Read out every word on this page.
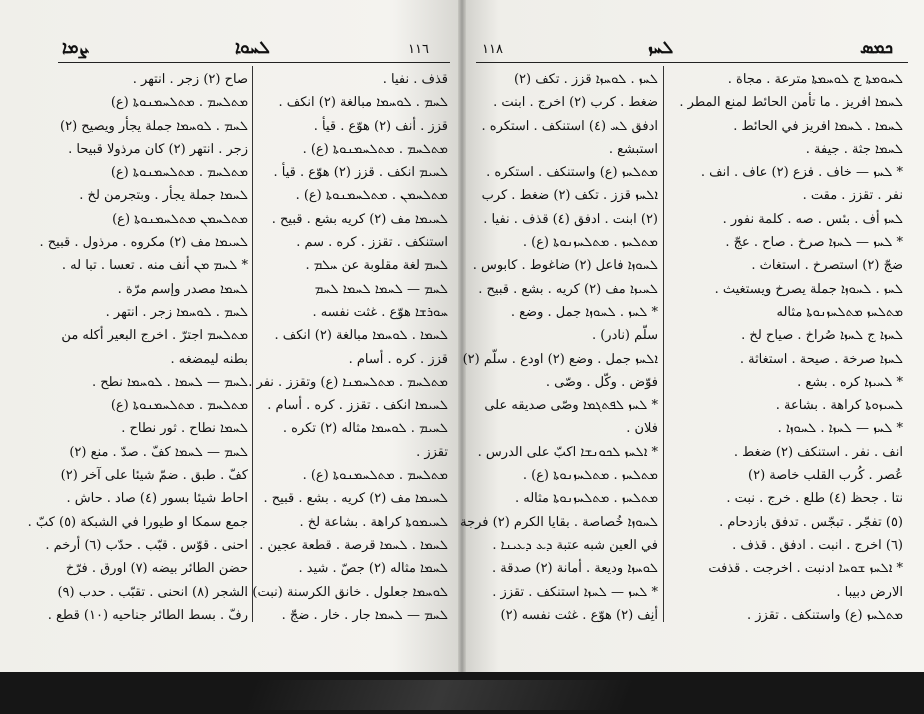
ܨܡܐ	ܠܚܘܐ	١١٦	١١٨	ܠܚܙ	ܟܡܣ
قذف . نفيا .
ܠܚܡ . ܠܘܚܡܐ مبالغة (٢) انكف .
قزز . أنف (٢) هوّع . قيأ .
ܡܬܠܚܡ . ܡܬܠܚܡܢܘܬܐ (ع) .
ܠܚܝܡ انكف . قزز (٢) هوّع . قيأ .
ܡܬܠܚܡܢ . ܡܬܠܚܡܢܘܬܐ (ع) .
ܠܚܝܡܐ مف (٢) كريه بشع . قبيح .
استنكف . تقزز . كره . سم .
ܠܚܡ لغة مقلوبة عن ܚܠܡ .
ܠܚܡ — ܠܚܡܐ ܠܚܡܐ ܠܚܡ
ܚܘܪܫܐ هوّع . غثت نفسه .
ܠܚܡܐ . ܠܘܚܡܐ مبالغة (٢) انكف .
قزز . كره . أسام .
ܡܬܠܚܡ . ܡܬܠܚܡܢܐ (ع) وتقزز . نفر .
ܠܚܝܡܐ انكف . تقزز . كره . أسام .
ܠܚܝܡ . ܠܘܚܡܐ مثاله (٢) تكره .
تقزز .
ܡܬܠܚܡ . ܡܬܠܚܡܢܘܬܐ (ع) .
ܠܚܝܡܐ مف (٢) كريه . بشع . قبيح .
ܠܚܝܡܘܬܐ كراهة . بشاعة لخ .
ܠܚܡܐ . ܠܚܡܐ قرصة . قطعة عجين .
ܠܚܡܐ مثاله (٢) جصّ . شيد .
ܠܘܚܡܐ جعلول . خانق الكرسنة (نبت) .
ܠܚܡ — ܠܚܡܐ جار . خار . ضجّ .
صاح (٢) زجر . انتهر .
ܡܬܠܚܡ . ܡܬܠܚܡܢܘܬܐ (ع)
ܠܚܡ . ܠܘܚܡܐ جملة يجأر ويصيح (٢)
زجر . انتهر (٢) كان مرذولا قبيحا .
ܡܬܠܚܡ . ܡܬܠܚܡܢܘܬܐ (ع)
ܠܚܡܐ جملة يجأر . وبتجرمن لخ .
ܡܬܠܚܡܢ ܡܬܠܚܡܢܘܬܐ (ع)
ܠܚܝܡܐ مف (٢) مكروه . مرذول . قبيح .
* ܠܚܡ ܡܢ أنف منه . تعسا . تبا له .
ܠܚܡܐ مصدر وإسم مرّة .
ܠܚܡ . ܠܘܚܡܐ زجر . انتهر .
ܡܬܠܚܡ اجترّ . اخرج البعير أكله من
بطنه ليمضغه .
ܠܚܡ — ܠܚܡܐ . ܠܘܚܡܐ نطح .
ܡܬܠܚܡ . ܡܬܠܚܡܢܘܬܐ (ع)
ܠܚܡܐ نطاح . ثور نطاح .
ܠܚܡ — ܠܚܡܐ كفّ . صدّ . منع (٢)
كفّ . طبق . ضمّ شيئا على آخر (٢)
احاط شيئا بسور (٤) صاد . حاش .
جمع سمكا او طيورا في الشبكة (٥) كبّ .
احنى . قوّس . قبّب . حدّب (٦) أرخم .
حضن الطائر بيضه (٧) اورق . فرّخ
الشجر (٨) انحنى . تقبّب . حدب (٩)
رفّ . بسط الطائر جناحيه (١٠) قطع .
ܠܚܘܡܬܐ ج ܠܘܚܡܬܐ مترعة . مجاة .
ܠܚܡܐ افريز . ما تأمن الحائط لمنع المطر .
ܠܚܡܐ . ܠܚܡܐ افريز في الحائط .
ܠܚܡܐ جثة . جيفة .
* ܠܚܙ — خاف . فزع (٢) عاف . انف .
نفر . تقزز . مقت .
ܠܚܙ أف . بئس . صه . كلمة نفور .
* ܠܚܙ — ܠܚܙܐ صرخ . صاح . عجّ .
ضجّ (٢) استصرخ . استغاث .
ܠܚܙ . ܠܚܘܙܐ جملة يصرخ ويستغيث .
ܡܬܠܚܙ ܡܬܠܚܙܢܘܬܐ مثاله
ܠܚܙܐ ج ܠܚܙܐ صُراخ . صياح لخ .
ܠܚܙܐ صرخة . صيحة . استغاثة .
* ܠܚܝܙܐ كره . بشع .
ܠܚܝܙܘܬܐ كراهة . بشاعة .
* ܠܚܙ — ܠܚܙܐ . ܠܚܘܙܐ .
انف . نفر . استنكف (٢) ضغط .
عُصر . كُرب القلب خاصة (٢)
نتا . جحظ (٤) طلع . خرج . نبت .
(٥) تفجّر . تبجّس . تدفق بازدحام .
(٦) اخرج . انبت . ادفق . قذف .
* ܐܠܚܙ ܫܘܚܐ ادنبت . اخرجت . قذفت
الارض دبيبا .
ܡܬܠܚܙ (ع) واستنكف . تقزز .
ܠܚܙ . ܠܘܚܙܐ قزز . تكف (٢)
ضغط . كرب (٢) اخرج . ابنت .
ادفق ܠܚ (٤) استنكف . استكره .
استبشع .
ܡܬܠܚܙ (ع) واستنكف . استكره .
ܐܠܚܙ قزز . تكف (٢) ضغط . كرب
(٢) ابنت . ادفق (٤) قذف . نفيا .
ܡܬܠܚܙ . ܡܬܠܚܙܢܘܬܐ (ع) .
ܠܚܘܙܐ فاعل (٢) ضاغوط . كابوس .
ܠܚܝܙܐ مف (٢) كريه . بشع . قبيح .
* ܠܚܙ . ܠܚܘܙܐ جمل . وضع .
سلّم (نادر) .
ܐܠܚܙ جمل . وضع (٢) اودع . سلّم (٢)
فوّض . وكّل . وصّى .
* ܠܚܙ ܠܦܬܓܡܐ وصّى صديقه على
فلان .
* ܐܠܚܙ ܠܟܘܢܫܐ اكبّ على الدرس .
ܡܬܠܚܙ . ܡܬܠܚܙܢܘܬܐ (ع) .
ܡܬܠܚܙ . ܡܬܠܚܙܢܘܬܐ مثاله .
ܠܚܘܙܐ خُصاصة . بقايا الكرم (٢) فرجة
في العين شبه عتبة ܕܥ ܕܥܝܢܐ .
ܠܘܚܙܐ وديعة . أمانة (٢) صدقة .
* ܠܚܙ — ܠܚܙܐ استنكف . تقزز .
أنِف (٢) هوّع . غثت نفسه (٢)
